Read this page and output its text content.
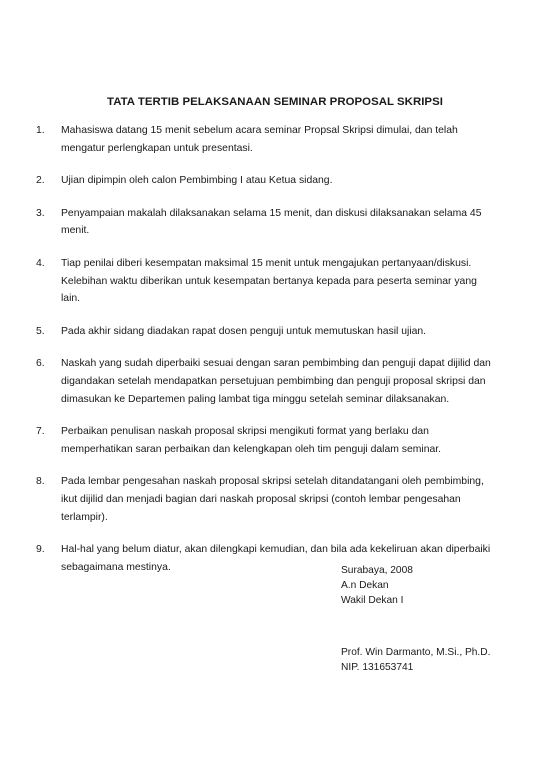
TATA TERTIB PELAKSANAAN SEMINAR PROPOSAL SKRIPSI
1. Mahasiswa datang 15 menit sebelum acara seminar Propsal Skripsi dimulai, dan telah mengatur perlengkapan untuk presentasi.
2. Ujian dipimpin oleh calon Pembimbing I atau Ketua sidang.
3. Penyampaian makalah dilaksanakan selama 15 menit, dan diskusi dilaksanakan selama 45 menit.
4. Tiap penilai diberi kesempatan maksimal 15 menit untuk mengajukan pertanyaan/diskusi. Kelebihan waktu diberikan untuk kesempatan bertanya kepada para peserta seminar yang lain.
5. Pada akhir sidang diadakan rapat dosen penguji untuk memutuskan hasil ujian.
6. Naskah yang sudah diperbaiki sesuai dengan saran pembimbing dan penguji dapat dijilid dan digandakan setelah mendapatkan persetujuan pembimbing dan penguji proposal skripsi dan dimasukan ke Departemen paling lambat tiga minggu setelah seminar dilaksanakan.
7. Perbaikan penulisan naskah proposal skripsi mengikuti format yang berlaku dan memperhatikan saran perbaikan dan kelengkapan oleh tim penguji dalam seminar.
8. Pada lembar pengesahan naskah proposal skripsi setelah ditandatangani oleh pembimbing, ikut dijilid dan menjadi bagian dari naskah proposal skripsi (contoh lembar pengesahan terlampir).
9. Hal-hal yang belum diatur, akan dilengkapi kemudian, dan bila ada kekeliruan akan diperbaiki sebagaimana mestinya.	Surabaya, 2008
A.n Dekan
Wakil Dekan I
Prof. Win Darmanto, M.Si., Ph.D.
NIP. 131653741
